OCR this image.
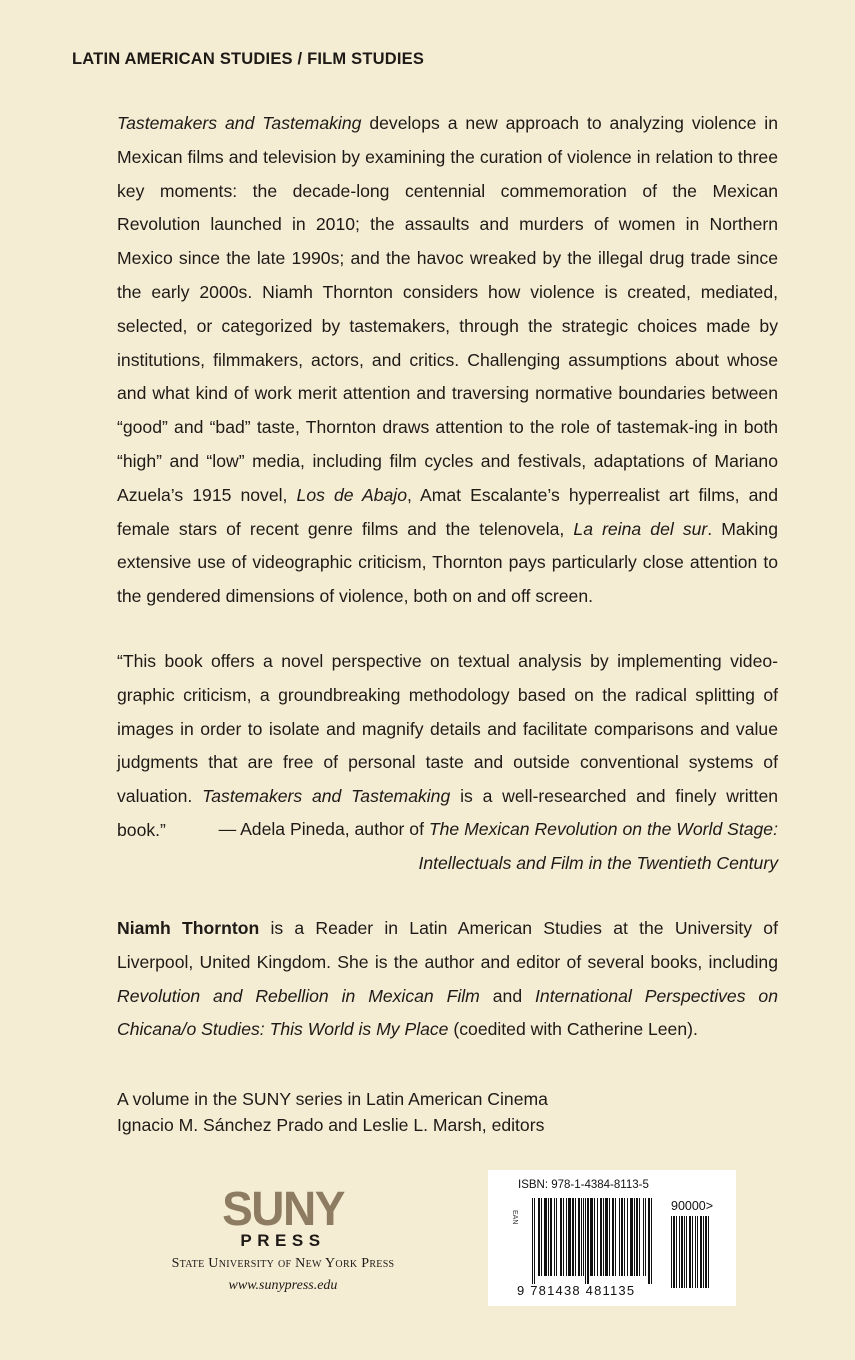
LATIN AMERICAN STUDIES / FILM STUDIES

Tastemakers and Tastemaking develops a new approach to analyzing violence in Mexican films and television by examining the curation of violence in relation to three key moments: the decade-long centennial commemoration of the Mexican Revolution launched in 2010; the assaults and murders of women in Northern Mexico since the late 1990s; and the havoc wreaked by the illegal drug trade since the early 2000s. Niamh Thornton considers how violence is created, mediated, selected, or categorized by tastemakers, through the strategic choices made by institutions, filmmakers, actors, and critics. Challenging assumptions about whose and what kind of work merit attention and traversing normative boundaries between “good” and “bad” taste, Thornton draws attention to the role of tastemak-ing in both “high” and “low” media, including film cycles and festivals, adaptations of Mariano Azuela’s 1915 novel, Los de Abajo, Amat Escalante’s hyperrealist art films, and female stars of recent genre films and the telenovela, La reina del sur. Making extensive use of videographic criticism, Thornton pays particularly close attention to the gendered dimensions of violence, both on and off screen.

“This book offers a novel perspective on textual analysis by implementing video-graphic criticism, a groundbreaking methodology based on the radical splitting of images in order to isolate and magnify details and facilitate comparisons and value judgments that are free of personal taste and outside conventional systems of valuation. Tastemakers and Tastemaking is a well-researched and finely written book.”	— Adela Pineda, author of The Mexican Revolution on the World Stage:
Intellectuals and Film in the Twentieth Century

Niamh Thornton is a Reader in Latin American Studies at the University of Liverpool, United Kingdom. She is the author and editor of several books, including Revolution and Rebellion in Mexican Film and International Perspectives on Chicana/o Studies: This World is My Place (coedited with Catherine Leen).

A volume in the SUNY series in Latin American Cinema
Ignacio M. Sánchez Prado and Leslie L. Marsh, editors
SUNY
PRESS
State University of New York Press
www.sunypress.edu
ISBN: 978-1-4384-8113-5
EAN
90000>
9 781438 481135
